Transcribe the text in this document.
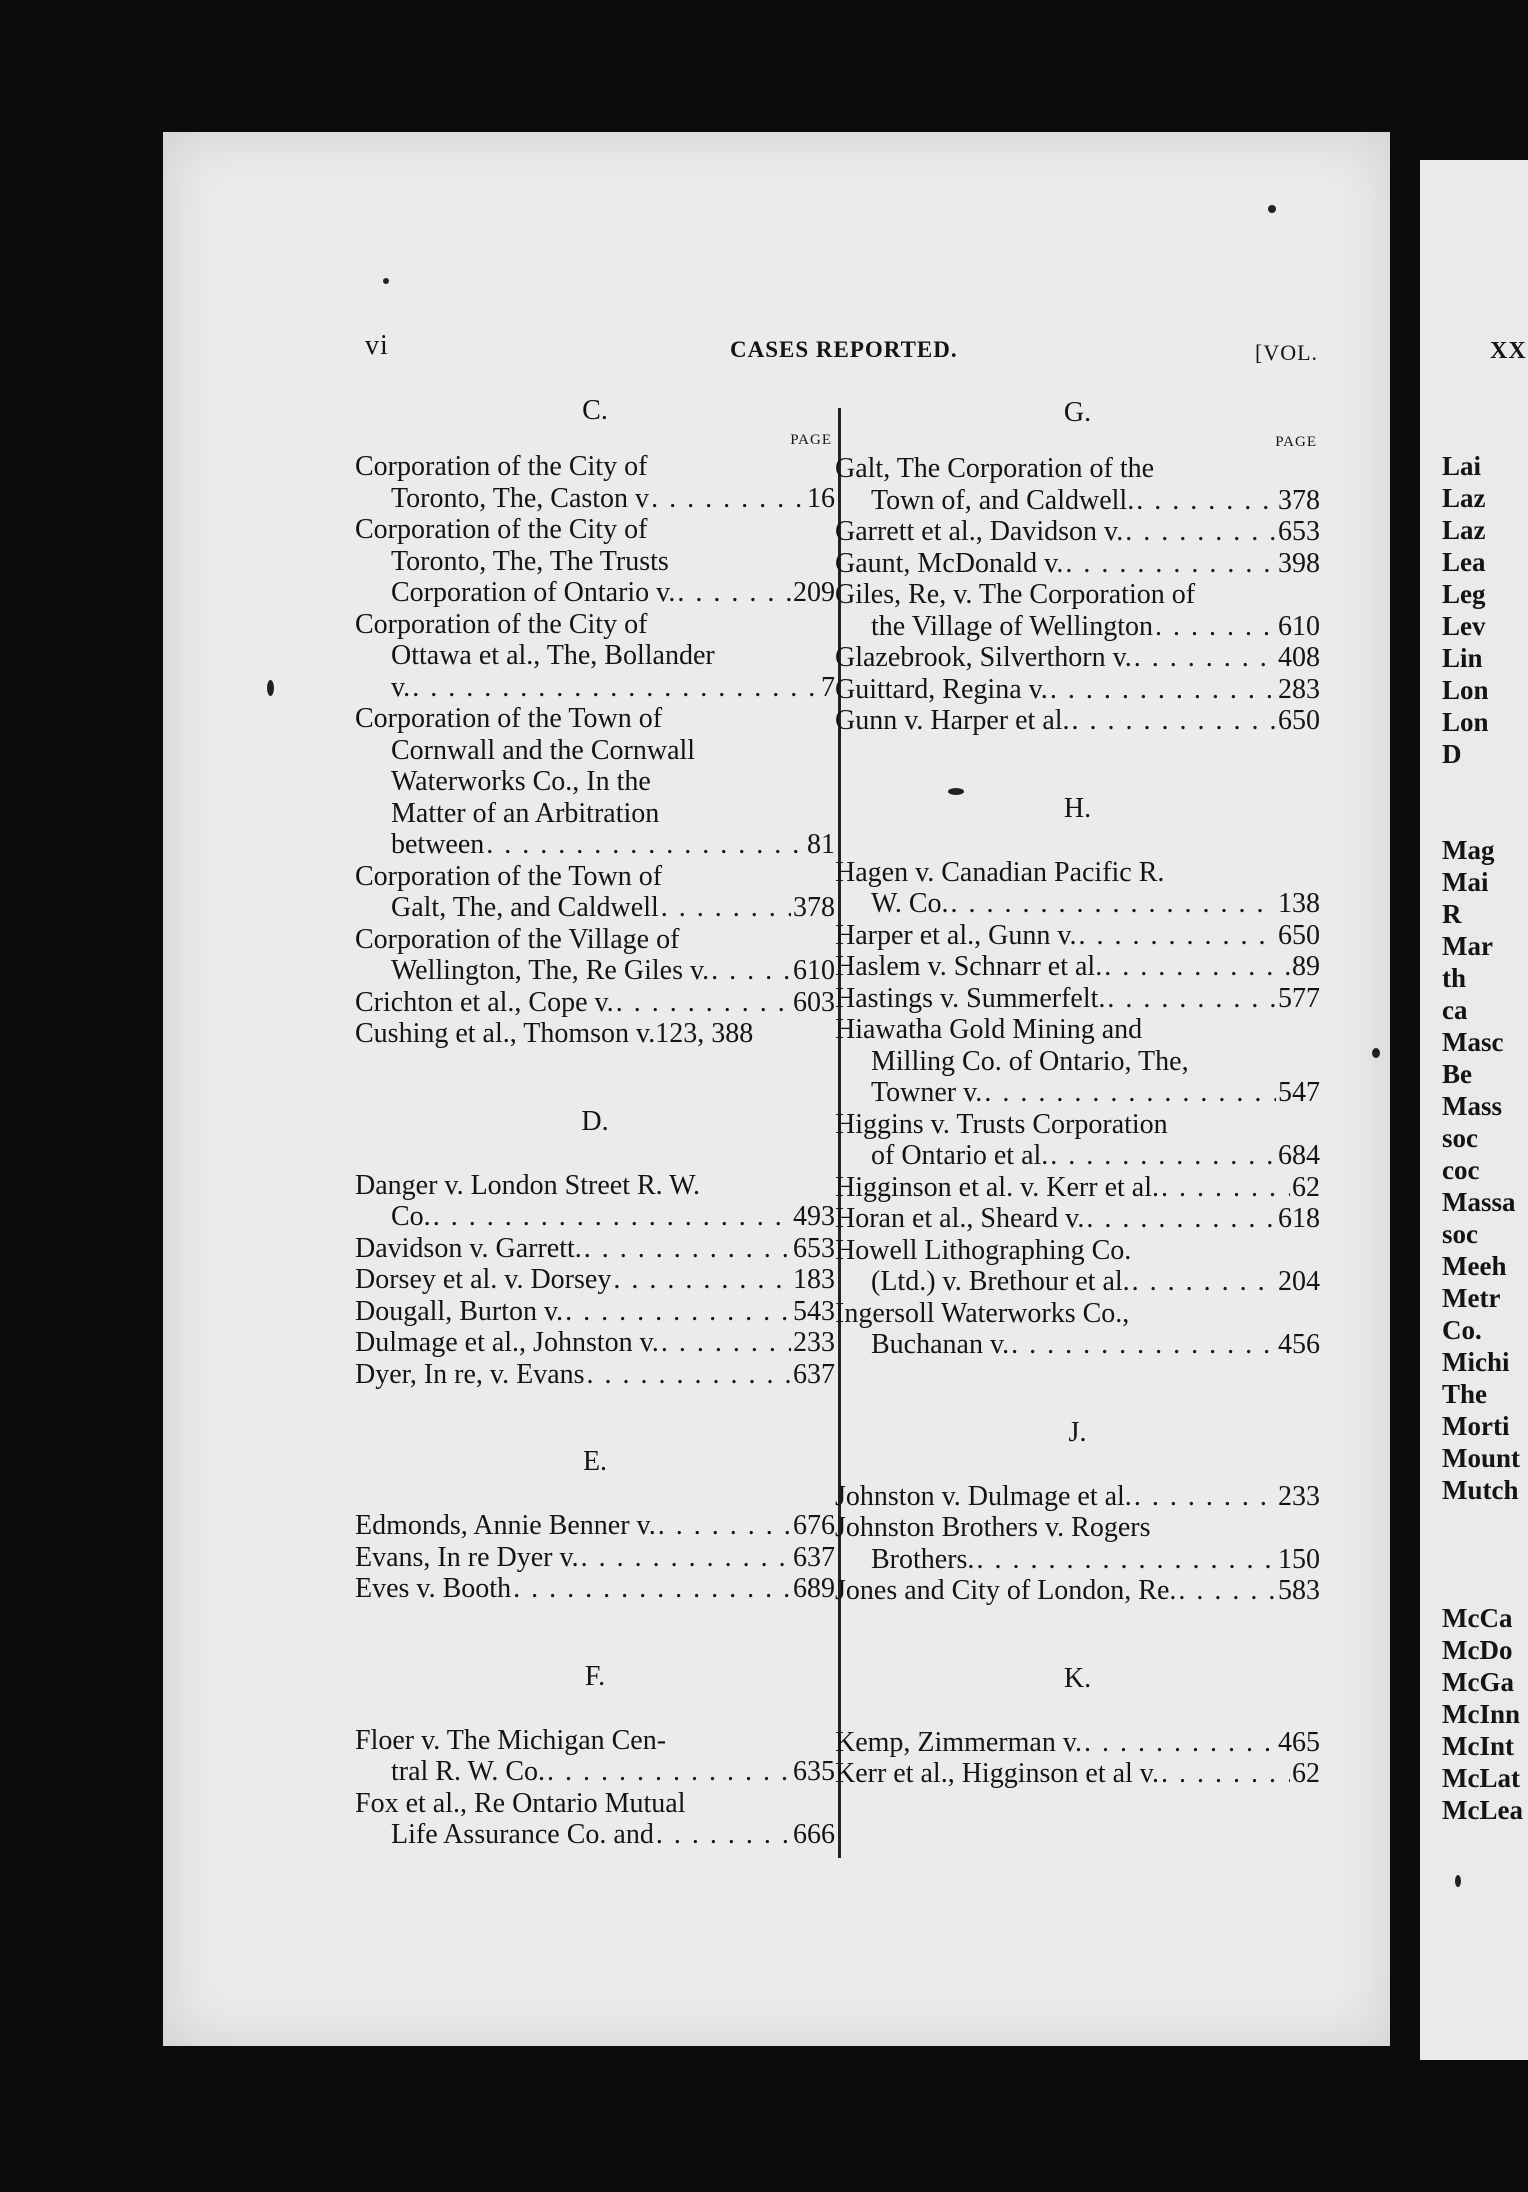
vi	CASES REPORTED.	[VOL.	XX
C.
PAGE
Corporation of the City of
Toronto, The, Caston v . . .	16
Corporation of the City of
Toronto, The, The Trusts
Corporation of Ontario v. . . .	209
Corporation of the City of
Ottawa et al., The, Bollander
v. . . .	7
Corporation of the Town of
Cornwall and the Cornwall
Waterworks Co., In the
Matter of an Arbitration
between . . .	81
Corporation of the Town of
Galt, The, and Caldwell . . .	378
Corporation of the Village of
Wellington, The, Re Giles v. . . .	610
Crichton et al., Cope v. . . .	603
Cushing et al., Thomson v. 123, 388
D.
Danger v. London Street R. W.
Co. . . .	493
Davidson v. Garrett. . . .	653
Dorsey et al. v. Dorsey . . .	183
Dougall, Burton v. . . .	543
Dulmage et al., Johnston v. . . .	233
Dyer, In re, v. Evans . . .	637
E.
Edmonds, Annie Benner v. . . .	676
Evans, In re Dyer v. . . .	637
Eves v. Booth . . .	689
F.
Floer v. The Michigan Cen-
tral R. W. Co. . . .	635
Fox et al., Re Ontario Mutual
Life Assurance Co. and . . .	666
G.
PAGE
Galt, The Corporation of the
Town of, and Caldwell. . . .	378
Garrett et al., Davidson v. . . .	653
Gaunt, McDonald v. . . .	398
Giles, Re, v. The Corporation of
the Village of Wellington . . .	610
Glazebrook, Silverthorn v. . . .	408
Guittard, Regina v. . . .	283
Gunn v. Harper et al. . . .	650
H.
Hagen v. Canadian Pacific R.
W. Co. . . .	138
Harper et al., Gunn v. . . .	650
Haslem v. Schnarr et al. . . .	89
Hastings v. Summerfelt. . . .	577
Hiawatha Gold Mining and
Milling Co. of Ontario, The,
Towner v. . . .	547
Higgins v. Trusts Corporation
of Ontario et al. . . .	684
Higginson et al. v. Kerr et al. . . .	62
Horan et al., Sheard v. . . .	618
Howell Lithographing Co.
(Ltd.) v. Brethour et al. . . .	204
Ingersoll Waterworks Co.,
Buchanan v. . . .	456
J.
Johnston v. Dulmage et al. . . .	233
Johnston Brothers v. Rogers
Brothers. . . .	150
Jones and City of London, Re. . . .	583
K.
Kemp, Zimmerman v. . . .	465
Kerr et al., Higginson et al v. . . .	62
Lai
Laz
Laz
Lea
Leg
Lev
Lin
Lon
Lon
D
Mag
Mai
R
Mar
th
ca
Masc
Be
Mass
soc
coc
Massa
soc
Meeh
Metr
Co.
Michi
The
Morti
Mount
Mutch
McCa
McDo
McGa
McInn
McInt
McLat
McLea
